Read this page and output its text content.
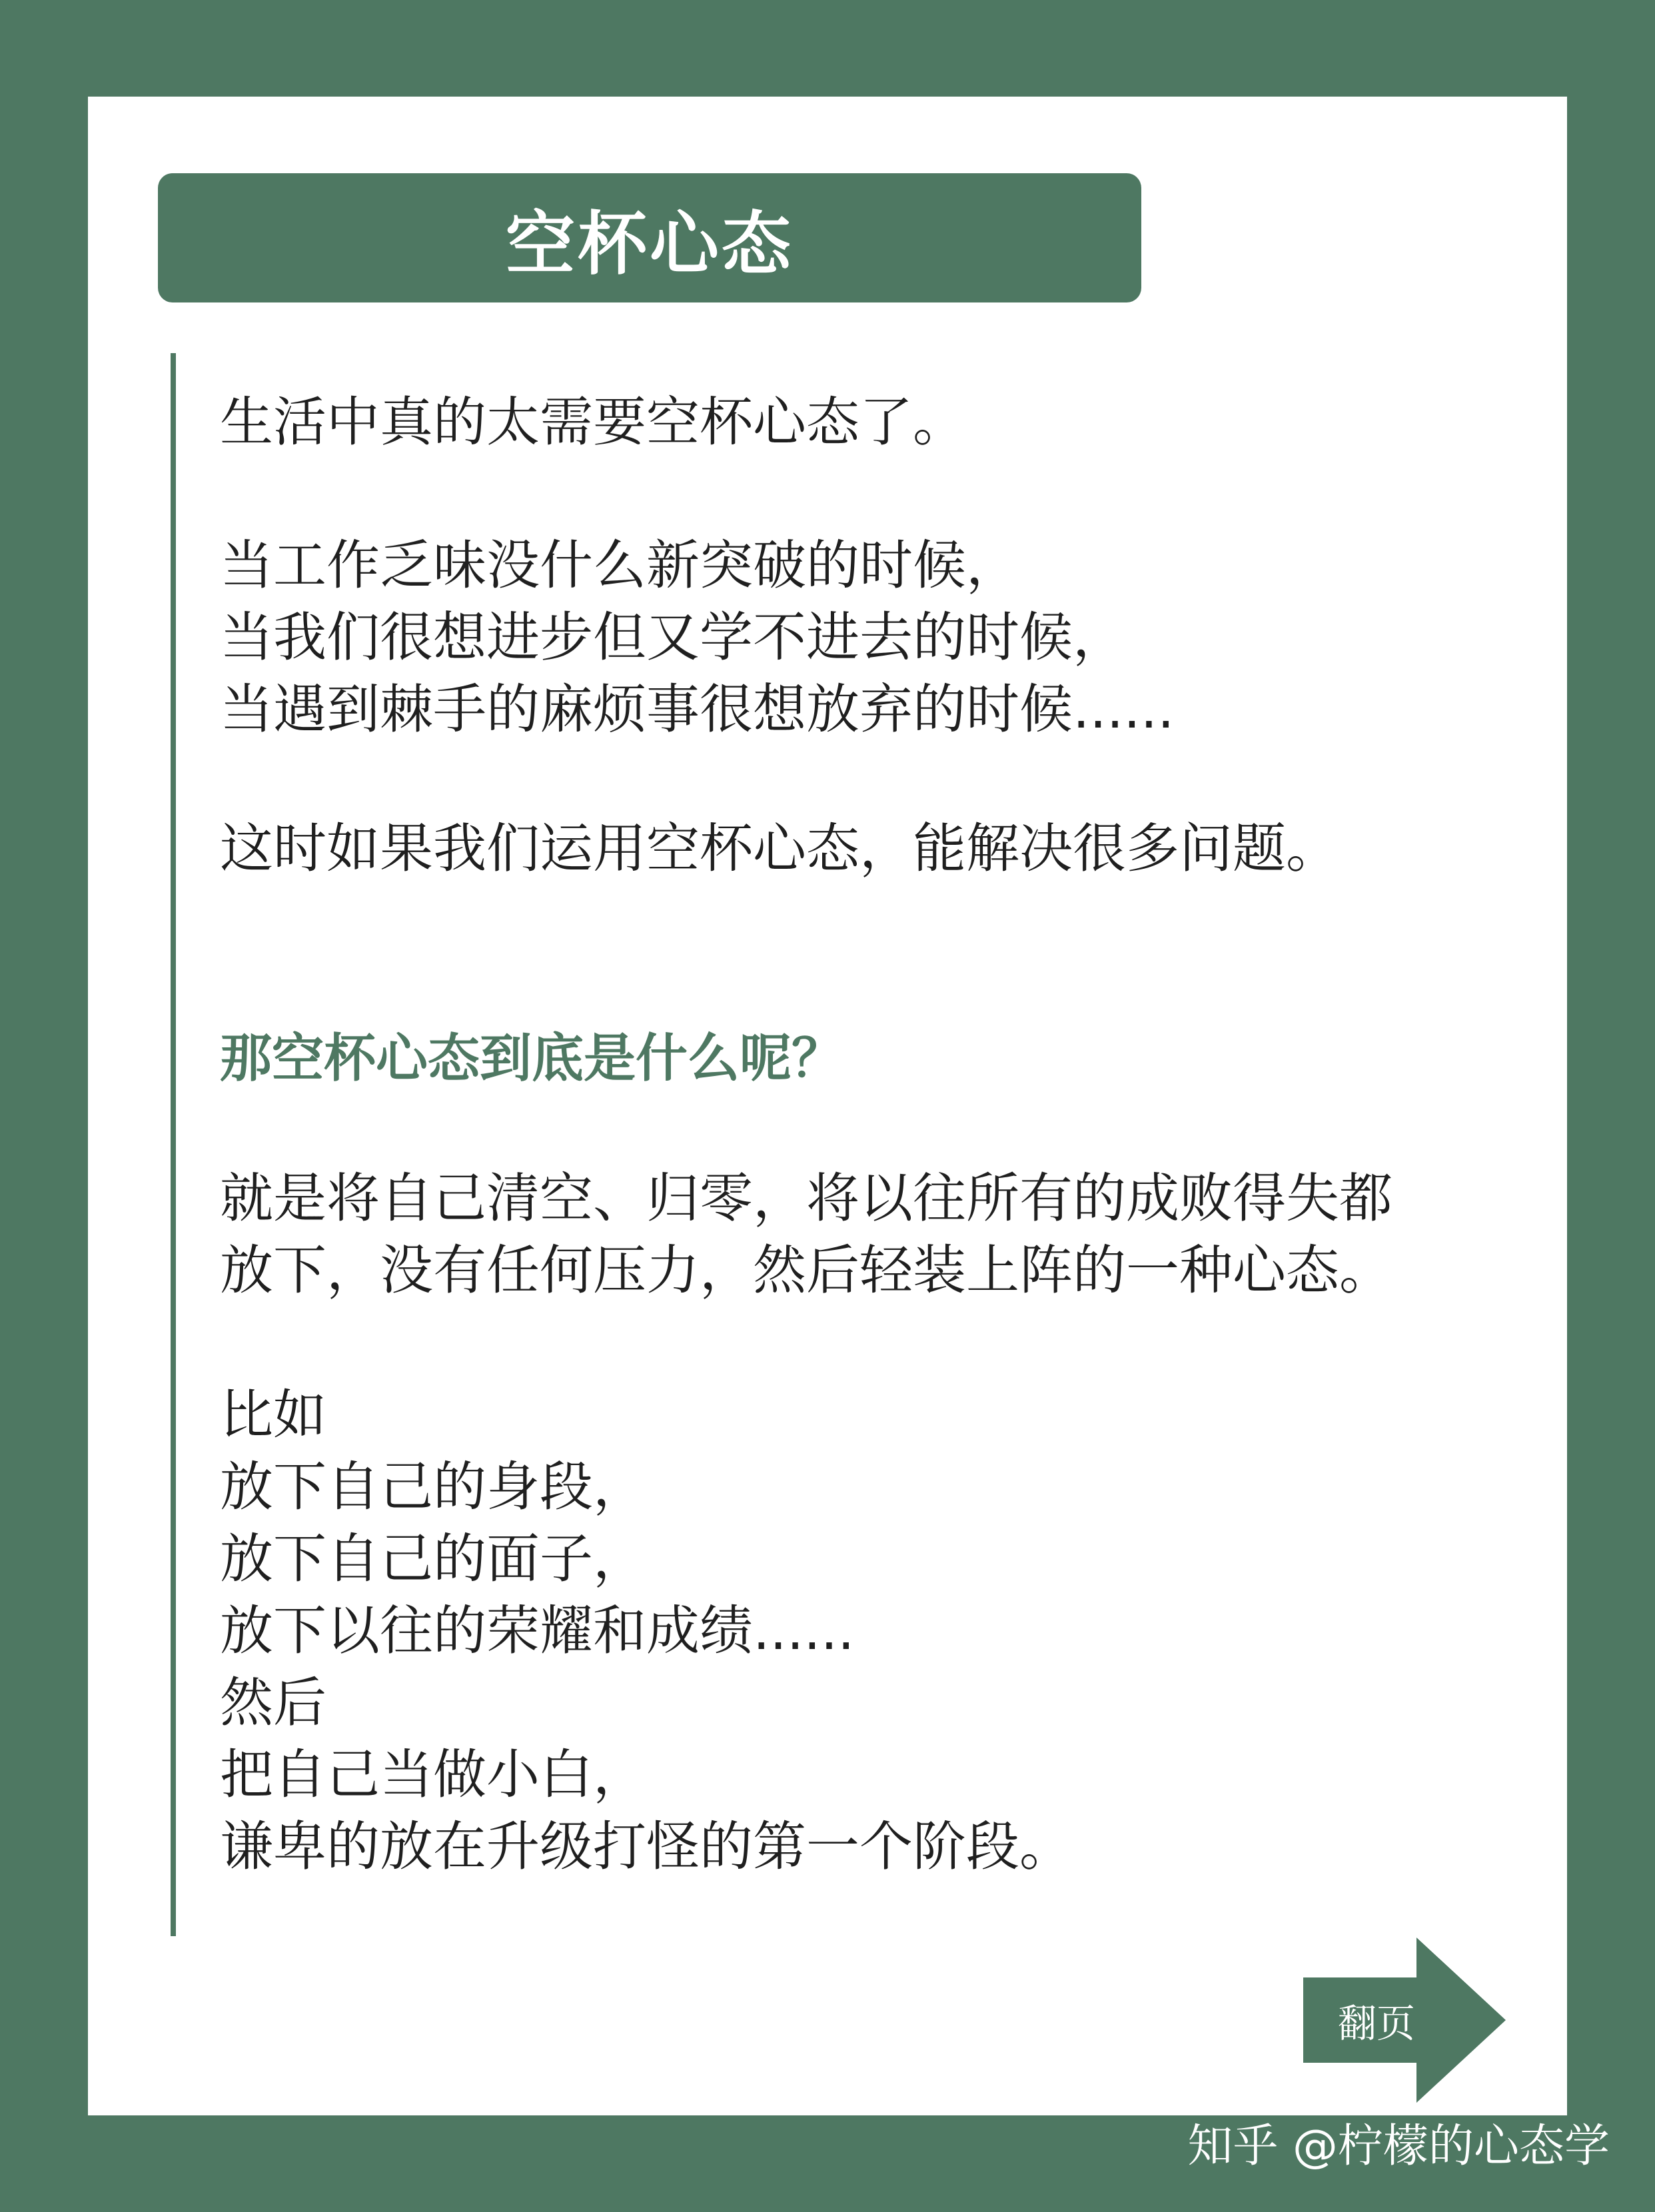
空杯心态
生活中真的太需要空杯心态了。
当工作乏味没什么新突破的时候，
当我们很想进步但又学不进去的时候，
当遇到棘手的麻烦事很想放弃的时候......
这时如果我们运用空杯心态，能解决很多问题。
那空杯心态到底是什么呢？
就是将自己清空、归零，将以往所有的成败得失都
放下，没有任何压力，然后轻装上阵的一种心态。
比如
放下自己的身段，
放下自己的面子，
放下以往的荣耀和成绩......
然后
把自己当做小白，
谦卑的放在升级打怪的第一个阶段。
翻页
知乎 @柠檬的心态学
